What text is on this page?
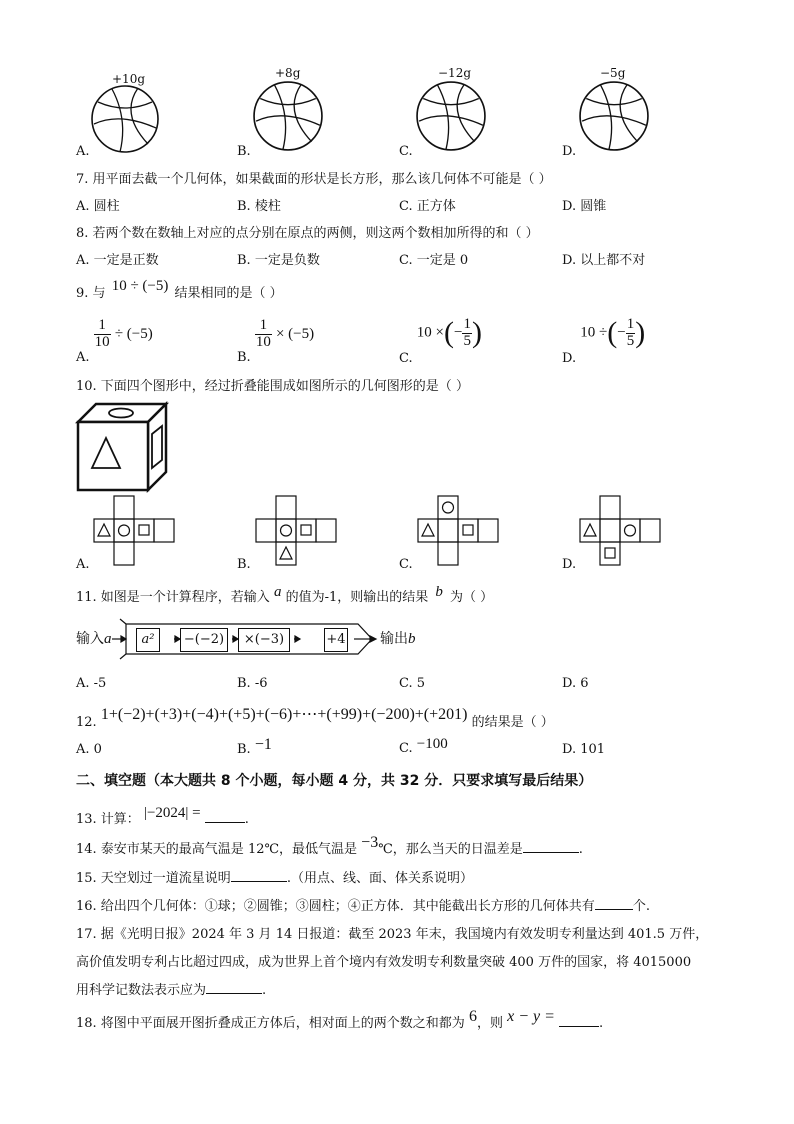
+10g
A.
+8g
B.
−12g
C.
−5g
D.
7. 用平面去截一个几何体，如果截面的形状是长方形，那么该几何体不可能是（ ）
A. 圆柱	B. 棱柱	C. 正方体	D. 圆锥
8. 若两个数在数轴上对应的点分别在原点的两侧，则这两个数相加所得的和（ ）
A. 一定是正数	B. 一定是负数	C. 一定是 0	D. 以上都不对
9. 与 10 ÷ (−5) 结果相同的是（ ）
A.
$\frac{1}{10} \div (-5)$
B.
$\frac{1}{10} \times (-5)$
C. 10 ×(− $\frac{1}{5}$ )
D. 10 ÷(− $\frac{1}{5}$ )
10. 下面四个图形中，经过折叠能围成如图所示的几何图形的是（ ）
A.	B.	C.	D.
11. 如图是一个计算程序，若输入 a 的值为-1，则输出的结果 b 为（ ）
输入a	a²	−(−2)	×(−3)	+4 输出b
A. -5	B. -6	C. 5	D. 6
12. 1+(−2)+(+3)+(−4)+(+5)+(−6)+⋯+(+99)+(−200)+(+201) 的结果是（ ）
A. 0	B. −1	C. −100	D. 101
二、填空题（本大题共 8 个小题，每小题 4 分，共 32 分．只要求填写最后结果）
13. 计算： |−2024| =	.
14. 泰安市某天的最高气温是 12℃，最低气温是 −3℃，那么当天的日温差是	.
15. 天空划过一道流星说明	.（用点、线、面、体关系说明）
16. 给出四个几何体：①球；②圆锥；③圆柱；④正方体．其中能截出长方形的几何体共有	个.
17. 据《光明日报》2024 年 3 月 14 日报道：截至 2023 年末，我国境内有效发明专利量达到 401.5 万件，
高价值发明专利占比超过四成，成为世界上首个境内有效发明专利数量突破 400 万件的国家，将 4015000
用科学记数法表示应为	.
18. 将图中平面展开图折叠成正方体后，相对面上的两个数之和都为 6，则 x − y =	.
